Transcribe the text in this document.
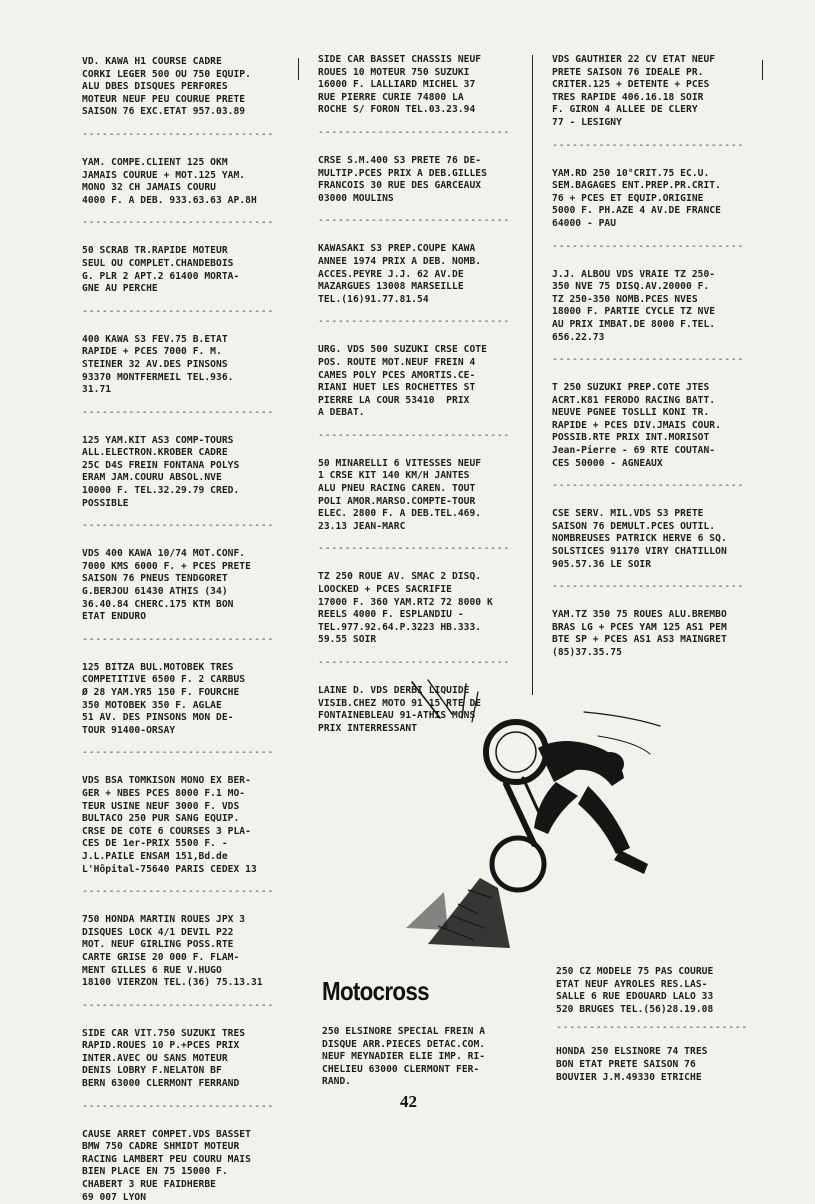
VD. KAWA H1 COURSE CADRE
CORKI LEGER 500 OU 750 EQUIP.
ALU DBES DISQUES PERFORES
MOTEUR NEUF PEU COURUE PRETE
SAISON 76 EXC.ETAT 957.03.89
-----------------------------
YAM. COMPE.CLIENT 125 OKM
JAMAIS COURUE + MOT.125 YAM.
MONO 32 CH JAMAIS COURU
4000 F. A DEB. 933.63.63 AP.8H
-----------------------------
50 SCRAB TR.RAPIDE MOTEUR
SEUL OU COMPLET.CHANDEBOIS
G. PLR 2 APT.2 61400 MORTA-
GNE AU PERCHE
-----------------------------
400 KAWA S3 FEV.75 B.ETAT
RAPIDE + PCES 7000 F. M.
STEINER 32 AV.DES PINSONS
93370 MONTFERMEIL TEL.936.
31.71
-----------------------------
125 YAM.KIT AS3 COMP-TOURS
ALL.ELECTRON.KROBER CADRE
25C D4S FREIN FONTANA POLYS
ERAM JAM.COURU ABSOL.NVE
10000 F. TEL.32.29.79 CRED.
POSSIBLE
-----------------------------
VDS 400 KAWA 10/74 MOT.CONF.
7000 KMS 6000 F. + PCES PRETE
SAISON 76 PNEUS TENDGORET
G.BERJOU 61430 ATHIS (34)
36.40.84 CHERC.175 KTM BON
ETAT ENDURO
-----------------------------
125 BITZA BUL.MOTOBEK TRES
COMPETITIVE 6500 F. 2 CARBUS
Ø 28 YAM.YR5 150 F. FOURCHE
350 MOTOBEK 350 F. AGLAE
51 AV. DES PINSONS MON DE-
TOUR 91400-ORSAY
-----------------------------
VDS BSA TOMKISON MONO EX BER-
GER + NBES PCES 8000 F.1 MO-
TEUR USINE NEUF 3000 F. VDS
BULTACO 250 PUR SANG EQUIP.
CRSE DE COTE 6 COURSES 3 PLA-
CES DE 1er-PRIX 5500 F. -
J.L.PAILE ENSAM 151,Bd.de
L'Hôpital-75640 PARIS CEDEX 13
-----------------------------
750 HONDA MARTIN ROUES JPX 3
DISQUES LOCK 4/1 DEVIL P22
MOT. NEUF GIRLING POSS.RTE
CARTE GRISE 20 000 F. FLAM-
MENT GILLES 6 RUE V.HUGO
18100 VIERZON TEL.(36) 75.13.31
-----------------------------
SIDE CAR VIT.750 SUZUKI TRES
RAPID.ROUES 10 P.+PCES PRIX
INTER.AVEC OU SANS MOTEUR
DENIS LOBRY F.NELATON BF
BERN 63000 CLERMONT FERRAND
-----------------------------
CAUSE ARRET COMPET.VDS BASSET
BMW 750 CADRE SHMIDT MOTEUR
RACING LAMBERT PEU COURU MAIS
BIEN PLACE EN 75 15000 F.
CHABERT 3 RUE FAIDHERBE
69 007 LYON
SIDE CAR BASSET CHASSIS NEUF
ROUES 10 MOTEUR 750 SUZUKI
16000 F. LALLIARD MICHEL 37
RUE PIERRE CURIE 74800 LA
ROCHE S/ FORON TEL.03.23.94
-----------------------------
CRSE S.M.400 S3 PRETE 76 DE-
MULTIP.PCES PRIX A DEB.GILLES
FRANCOIS 30 RUE DES GARCEAUX
03000 MOULINS
-----------------------------
KAWASAKI S3 PREP.COUPE KAWA
ANNEE 1974 PRIX A DEB. NOMB.
ACCES.PEYRE J.J. 62 AV.DE
MAZARGUES 13008 MARSEILLE
TEL.(16)91.77.81.54
-----------------------------
URG. VDS 500 SUZUKI CRSE COTE
POS. ROUTE MOT.NEUF FREIN 4
CAMES POLY PCES AMORTIS.CE-
RIANI HUET LES ROCHETTES ST
PIERRE LA COUR 53410  PRIX
A DEBAT.
-----------------------------
50 MINARELLI 6 VITESSES NEUF
1 CRSE KIT 140 KM/H JANTES
ALU PNEU RACING CAREN. TOUT
POLI AMOR.MARSO.COMPTE-TOUR
ELEC. 2800 F. A DEB.TEL.469.
23.13 JEAN-MARC
-----------------------------
TZ 250 ROUE AV. SMAC 2 DISQ.
LOOCKED + PCES SACRIFIE
17000 F. 360 YAM.RT2 72 8000 K
REELS 4000 F. ESPLANDIU -
TEL.977.92.64.P.3223 HB.333.
59.55 SOIR
-----------------------------
LAINE D. VDS DERBI LIQUIDE
VISIB.CHEZ MOTO 91 15 RTE DE
FONTAINEBLEAU 91-ATHIS MONS
PRIX INTERRESSANT
VDS GAUTHIER 22 CV ETAT NEUF
PRETE SAISON 76 IDEALE PR.
CRITER.125 + DETENTE + PCES
TRES RAPIDE 406.16.18 SOIR
F. GIRON 4 ALLEE DE CLERY
77 - LESIGNY
-----------------------------
YAM.RD 250 10°CRIT.75 EC.U.
SEM.BAGAGES ENT.PREP.PR.CRIT.
76 + PCES ET EQUIP.ORIGINE
5000 F. PH.AZE 4 AV.DE FRANCE
64000 - PAU
-----------------------------
J.J. ALBOU VDS VRAIE TZ 250-
350 NVE 75 DISQ.AV.20000 F.
TZ 250-350 NOMB.PCES NVES
18000 F. PARTIE CYCLE TZ NVE
AU PRIX IMBAT.DE 8000 F.TEL.
656.22.73
-----------------------------
T 250 SUZUKI PREP.COTE JTES
ACRT.K81 FERODO RACING BATT.
NEUVE PGNEE TOSLLI KONI TR.
RAPIDE + PCES DIV.JMAIS COUR.
POSSIB.RTE PRIX INT.MORISOT
Jean-Pierre - 69 RTE COUTAN-
CES 50000 - AGNEAUX
-----------------------------
CSE SERV. MIL.VDS S3 PRETE
SAISON 76 DEMULT.PCES OUTIL.
NOMBREUSES PATRICK HERVE 6 SQ.
SOLSTICES 91170 VIRY CHATILLON
905.57.36 LE SOIR
-----------------------------
YAM.TZ 350 75 ROUES ALU.BREMBO
BRAS LG + PCES YAM 125 AS1 PEM
BTE SP + PCES AS1 AS3 MAINGRET
(85)37.35.75
Motocross
250 ELSINORE SPECIAL FREIN A
DISQUE ARR.PIECES DETAC.COM.
NEUF MEYNADIER ELIE IMP. RI-
CHELIEU 63000 CLERMONT FER-
RAND.
250 CZ MODELE 75 PAS COURUE
ETAT NEUF AYROLES RES.LAS-
SALLE 6 RUE EDOUARD LALO 33
520 BRUGES TEL.(56)28.19.08
-----------------------------
HONDA 250 ELSINORE 74 TRES
BON ETAT PRETE SAISON 76
BOUVIER J.M.49330 ETRICHE
42
